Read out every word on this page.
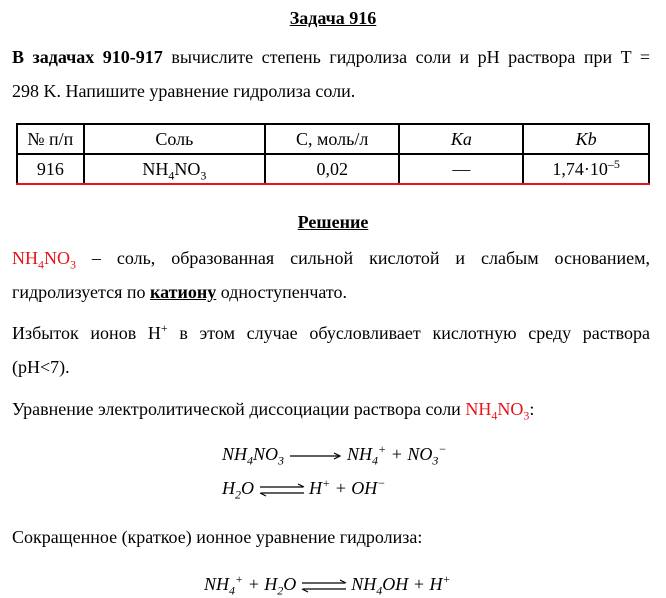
Задача 916
В задачах 910-917 вычислите степень гидролиза соли и pH раствора при T =
298 K. Напишите уравнение гидролиза соли.
№ п/п	Соль	C, моль/л	Ka	Kb
916	$NH_4NO_3$	0,02	—	$1,74\cdot 10^{-5}$
Решение
$NH_4NO_3$ – соль, образованная сильной кислотой и слабым основанием,
гидролизуется по катиону одноступенчато.
Избыток ионов H+ в этом случае обусловливает кислотную среду раствора
(pH<7).
Уравнение электролитической диссоциации раствора соли $NH_4NO_3$:
$NH_4NO_3$	$NH_4^+ + NO_3^-$
$H_2O$ ⇌ H+ + OH−
Сокращенное (краткое) ионное уравнение гидролиза:
$NH_4^+ + H_2O$ ⇌ $NH_4OH + H^+$
